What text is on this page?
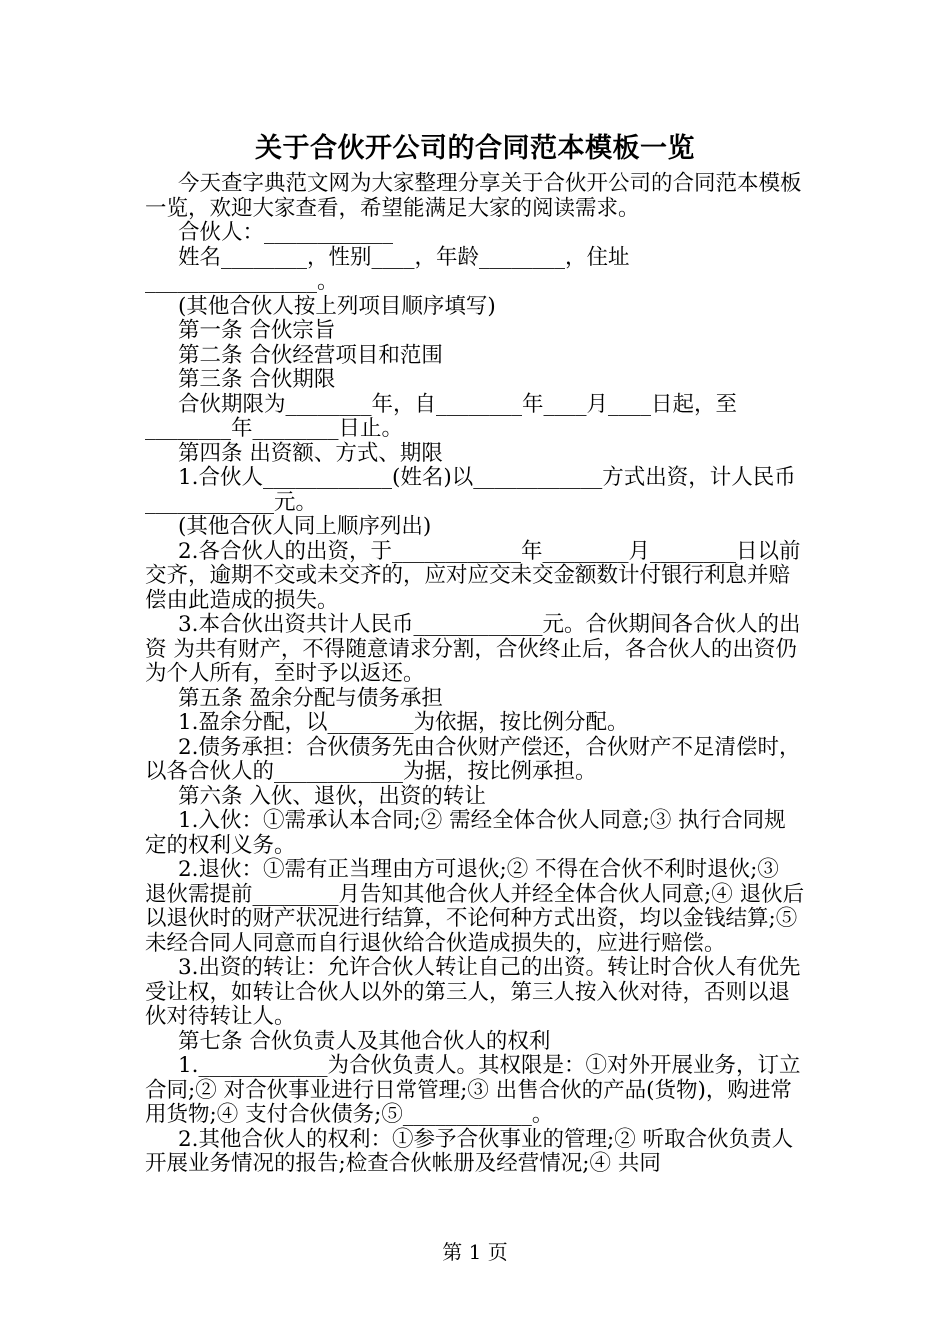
关于合伙开公司的合同范本模板一览

今天查字典范文网为大家整理分享关于合伙开公司的合同范本模板一览，欢迎大家查看，希望能满足大家的阅读需求。

合伙人：____________

姓名________，性别____，年龄________，住址________________。

(其他合伙人按上列项目顺序填写)

第一条 合伙宗旨

第二条 合伙经营项目和范围

第三条 合伙期限

合伙期限为________年，自________年____月____日起，至________年________日止。

第四条 出资额、方式、期限

1.合伙人____________(姓名)以____________方式出资，计人民币____________元。

(其他合伙人同上顺序列出)

2.各合伙人的出资，于____________年________月________日以前交齐，逾期不交或未交齐的，应对应交未交金额数计付银行利息并赔偿由此造成的损失。

3.本合伙出资共计人民币____________元。合伙期间各合伙人的出资 为共有财产，不得随意请求分割，合伙终止后，各合伙人的出资仍为个人所有，至时予以返还。

第五条 盈余分配与债务承担

1.盈余分配，以________为依据，按比例分配。

2.债务承担：合伙债务先由合伙财产偿还，合伙财产不足清偿时，以各合伙人的____________为据，按比例承担。

第六条 入伙、退伙，出资的转让

1.入伙：①需承认本合同;② 需经全体合伙人同意;③ 执行合同规定的权利义务。

2.退伙：①需有正当理由方可退伙;② 不得在合伙不利时退伙;③ 退伙需提前________月告知其他合伙人并经全体合伙人同意;④ 退伙后以退伙时的财产状况进行结算，不论何种方式出资，均以金钱结算;⑤ 未经合同人同意而自行退伙给合伙造成损失的，应进行赔偿。

3.出资的转让：允许合伙人转让自己的出资。转让时合伙人有优先受让权，如转让合伙人以外的第三人，第三人按入伙对待，否则以退伙对待转让人。

第七条 合伙负责人及其他合伙人的权利

1.____________为合伙负责人。其权限是：①对外开展业务，订立合同;② 对合伙事业进行日常管理;③ 出售合伙的产品(货物)，购进常用货物;④ 支付合伙债务;⑤____________。

2.其他合伙人的权利：①参予合伙事业的管理;② 听取合伙负责人开展业务情况的报告;检查合伙帐册及经营情况;④ 共同

第 1 页
